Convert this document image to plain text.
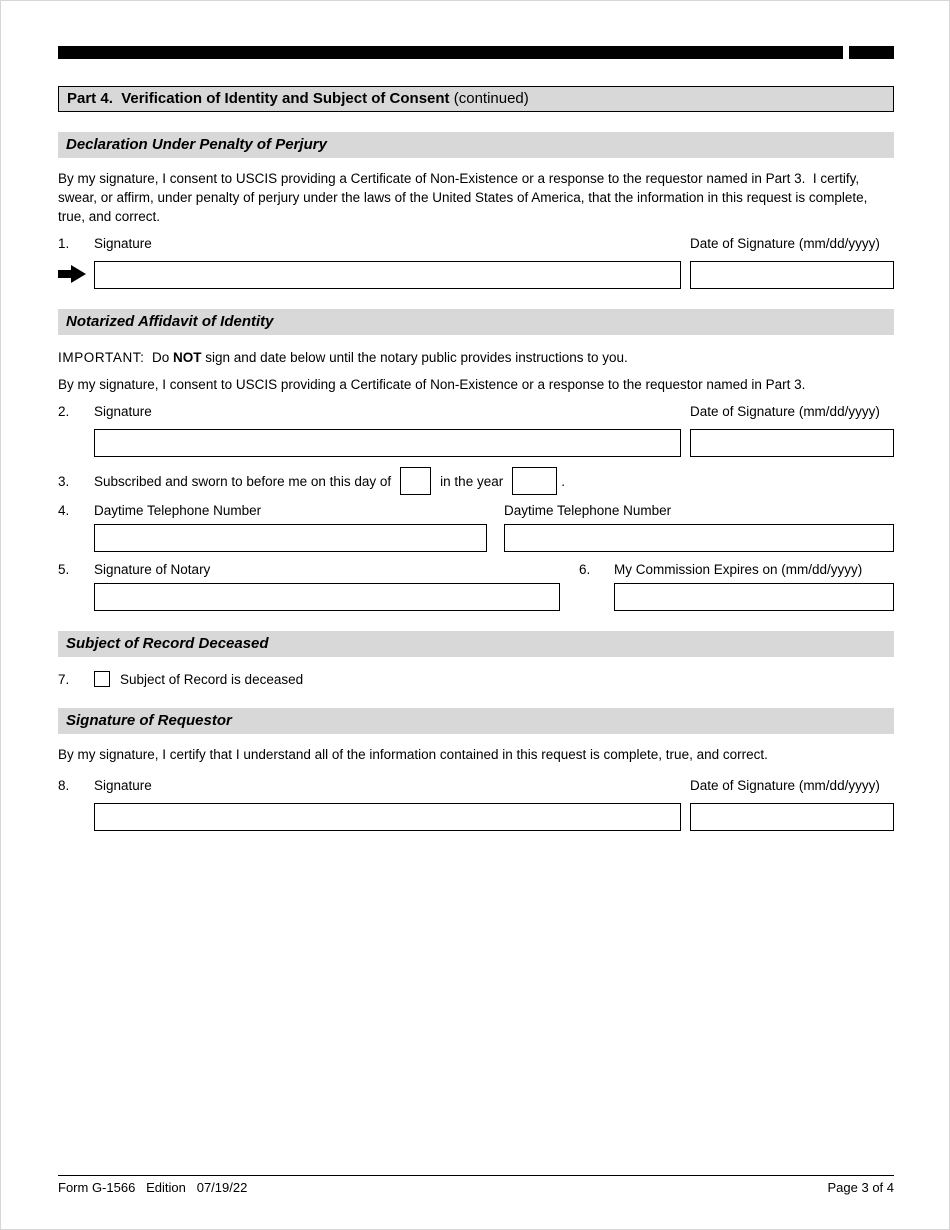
Part 4.  Verification of Identity and Subject of Consent (continued)
Declaration Under Penalty of Perjury
By my signature, I consent to USCIS providing a Certificate of Non-Existence or a response to the requestor named in Part 3.  I certify, swear, or affirm, under penalty of perjury under the laws of the United States of America, that the information in this request is complete, true, and correct.
1.	Signature	Date of Signature (mm/dd/yyyy)
Notarized Affidavit of Identity
IMPORTANT:  Do NOT sign and date below until the notary public provides instructions to you.
By my signature, I consent to USCIS providing a Certificate of Non-Existence or a response to the requestor named in Part 3.
2.	Signature	Date of Signature (mm/dd/yyyy)
3.	Subscribed and sworn to before me on this day of	in the year	.
4.	Daytime Telephone Number	Daytime Telephone Number
5.	Signature of Notary	6.	My Commission Expires on (mm/dd/yyyy)
Subject of Record Deceased
7.	Subject of Record is deceased
Signature of Requestor
By my signature, I certify that I understand all of the information contained in this request is complete, true, and correct.
8.	Signature	Date of Signature (mm/dd/yyyy)
Form G-1566   Edition   07/19/22	Page 3 of 4
